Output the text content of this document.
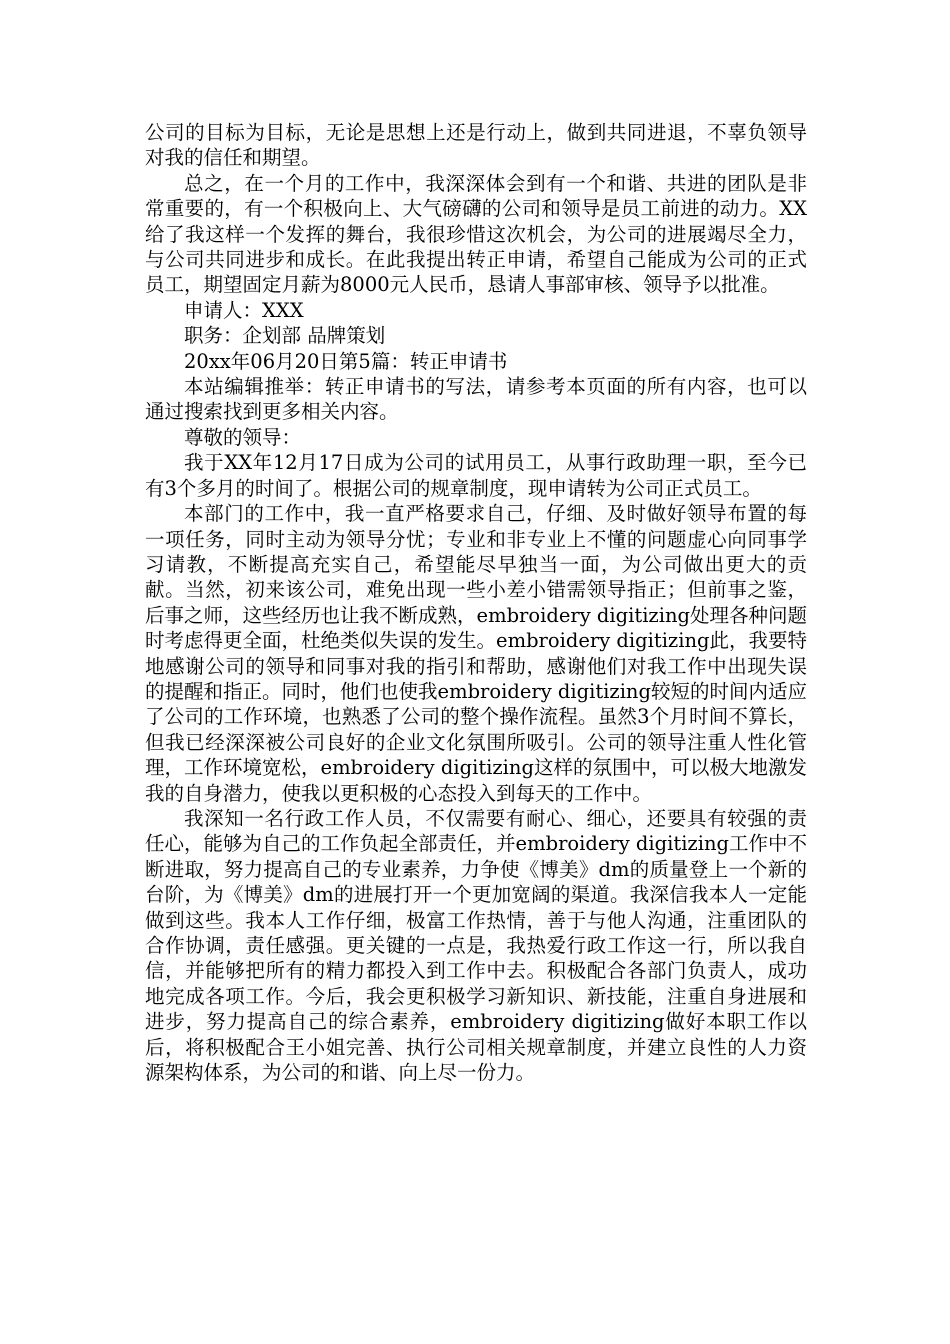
公司的目标为目标，无论是思想上还是行动上，做到共同进退，不辜负领导对我的信任和期望。

总之，在一个月的工作中，我深深体会到有一个和谐、共进的团队是非常重要的，有一个积极向上、大气磅礴的公司和领导是员工前进的动力。XX给了我这样一个发挥的舞台，我很珍惜这次机会，为公司的进展竭尽全力，与公司共同进步和成长。在此我提出转正申请，希望自己能成为公司的正式员工，期望固定月薪为8000元人民币，恳请人事部审核、领导予以批准。

申请人：XXX

职务：企划部 品牌策划

20xx年06月20日第5篇：转正申请书

本站编辑推举：转正申请书的写法，请参考本页面的所有内容，也可以通过搜索找到更多相关内容。

尊敬的领导：

我于XX年12月17日成为公司的试用员工，从事行政助理一职，至今已有3个多月的时间了。根据公司的规章制度，现申请转为公司正式员工。

本部门的工作中，我一直严格要求自己，仔细、及时做好领导布置的每一项任务，同时主动为领导分忧；专业和非专业上不懂的问题虚心向同事学习请教，不断提高充实自己，希望能尽早独当一面，为公司做出更大的贡献。当然，初来该公司，难免出现一些小差小错需领导指正；但前事之鉴，后事之师，这些经历也让我不断成熟，embroidery digitizing处理各种问题时考虑得更全面，杜绝类似失误的发生。embroidery digitizing此，我要特地感谢公司的领导和同事对我的指引和帮助，感谢他们对我工作中出现失误的提醒和指正。同时，他们也使我embroidery digitizing较短的时间内适应了公司的工作环境，也熟悉了公司的整个操作流程。虽然3个月时间不算长，但我已经深深被公司良好的企业文化氛围所吸引。公司的领导注重人性化管理，工作环境宽松，embroidery digitizing这样的氛围中，可以极大地激发我的自身潜力，使我以更积极的心态投入到每天的工作中。

我深知一名行政工作人员，不仅需要有耐心、细心，还要具有较强的责任心，能够为自己的工作负起全部责任，并embroidery digitizing工作中不断进取，努力提高自己的专业素养，力争使《博美》dm的质量登上一个新的台阶，为《博美》dm的进展打开一个更加宽阔的渠道。我深信我本人一定能做到这些。我本人工作仔细，极富工作热情，善于与他人沟通，注重团队的合作协调，责任感强。更关键的一点是，我热爱行政工作这一行，所以我自信，并能够把所有的精力都投入到工作中去。积极配合各部门负责人，成功地完成各项工作。今后，我会更积极学习新知识、新技能，注重自身进展和进步，努力提高自己的综合素养，embroidery digitizing做好本职工作以后，将积极配合王小姐完善、执行公司相关规章制度，并建立良性的人力资源架构体系，为公司的和谐、向上尽一份力。
